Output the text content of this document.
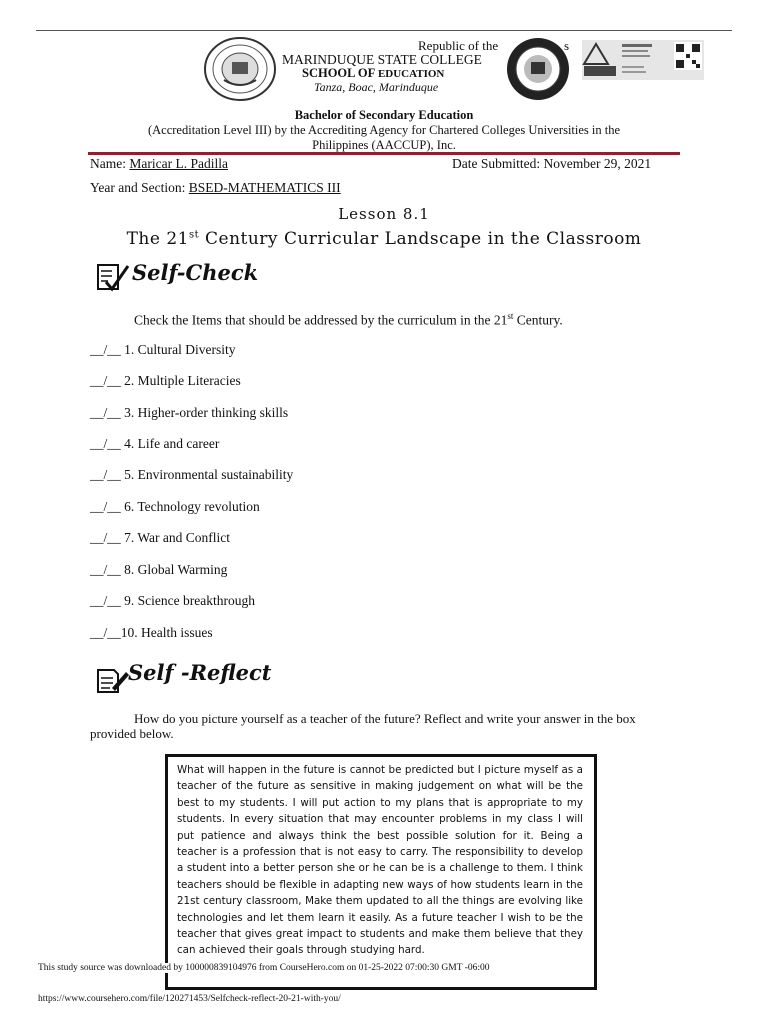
Republic of the	s
MARINDUQUE STATE COLLEGE
SCHOOL OF EDUCATION
Tanza, Boac, Marinduque
Bachelor of Secondary Education
(Accreditation Level III) by the Accrediting Agency for Chartered Colleges Universities in the
Philippines (AACCUP), Inc.
Name: Maricar L. Padilla	Date Submitted: November 29, 2021
Year and Section: BSED-MATHEMATICS III
Lesson 8.1
The 21st Century Curricular Landscape in the Classroom
Self-Check
Check the Items that should be addressed by the curriculum in the 21st Century.
__/__ 1. Cultural Diversity
__/__ 2. Multiple Literacies
__/__ 3. Higher-order thinking skills
__/__ 4. Life and career
__/__ 5. Environmental sustainability
__/__ 6. Technology revolution
__/__ 7. War and Conflict
__/__ 8. Global Warming
__/__ 9. Science breakthrough
__/__10. Health issues
Self -Reflect
How do you picture yourself as a teacher of the future? Reflect and write your answer in the box provided below.
What will happen in the future is cannot be predicted but I picture myself as a teacher of the future as sensitive in making judgement on what will be the best to my students. I will put action to my plans that is appropriate to my students. In every situation that may encounter problems in my class I will put patience and always think the best possible solution for it. Being a teacher is a profession that is not easy to carry. The responsibility to develop a student into a better person she or he can be is a challenge to them. I think teachers should be flexible in adapting new ways of how students learn in the 21st century classroom, Make them updated to all the things are evolving like technologies and let them learn it easily. As a future teacher I wish to be the teacher that gives great impact to students and make them believe that they can achieved their goals through studying hard.
This study source was downloaded by 100000839104976 from CourseHero.com on 01-25-2022 07:00:30 GMT -06:00
https://www.coursehero.com/file/120271453/Selfcheck-reflect-20-21-with-you/
